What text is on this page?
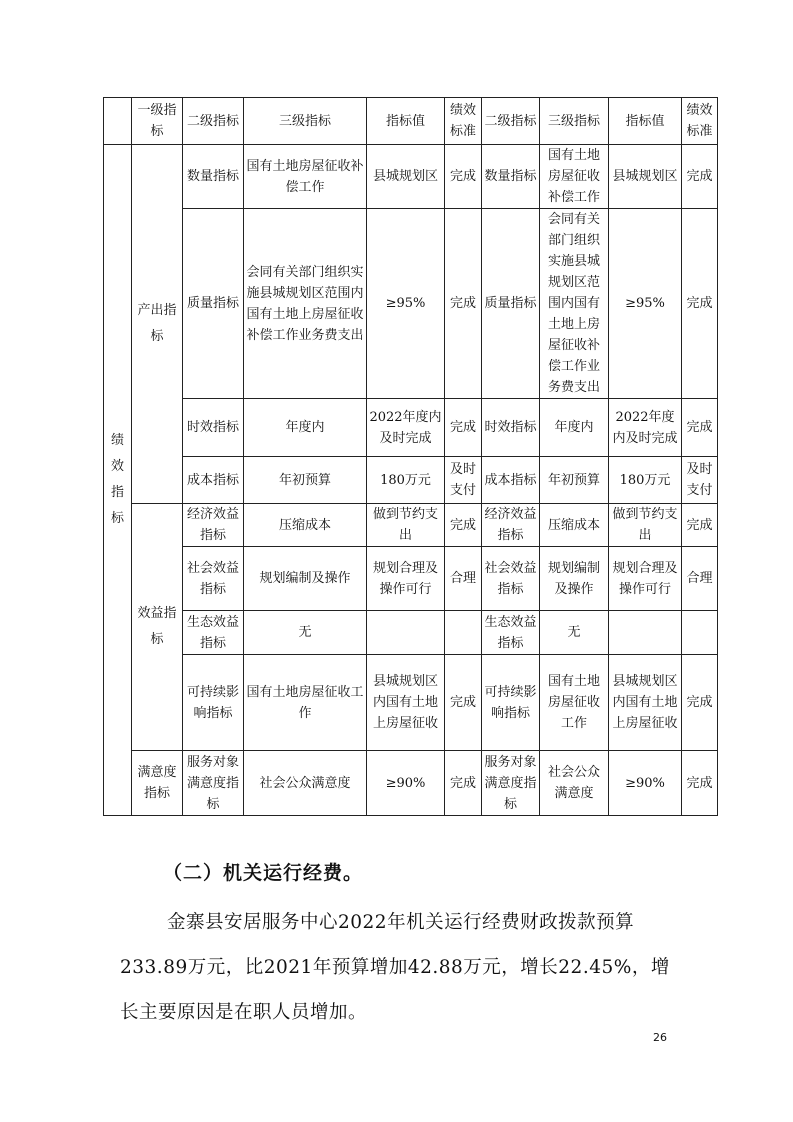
	一级指标	二级指标	三级指标	指标值	绩效标准	二级指标	三级指标	指标值	绩效标准
绩效指标	产出指标	数量指标	国有土地房屋征收补偿工作	县城规划区	完成	数量指标	国有土地房屋征收补偿工作	县城规划区	完成
		质量指标	会同有关部门组织实施县城规划区范围内国有土地上房屋征收补偿工作业务费支出	≥95%	完成	质量指标	会同有关部门组织实施县城规划区范围内国有土地上房屋征收补偿工作业务费支出	≥95%	完成
		时效指标	年度内	2022年度内及时完成	完成	时效指标	年度内	2022年度内及时完成	完成
		成本指标	年初预算	180万元	及时支付	成本指标	年初预算	180万元	及时支付
	效益指标	经济效益指标	压缩成本	做到节约支出	完成	经济效益指标	压缩成本	做到节约支出	完成
		社会效益指标	规划编制及操作	规划合理及操作可行	合理	社会效益指标	规划编制及操作	规划合理及操作可行	合理
		生态效益指标	无			生态效益指标	无		
		可持续影响指标	国有土地房屋征收工作	县城规划区内国有土地上房屋征收	完成	可持续影响指标	国有土地房屋征收工作	县城规划区内国有土地上房屋征收	完成
	满意度指标	服务对象满意度指标	社会公众满意度	≥90%	完成	服务对象满意度指标	社会公众满意度	≥90%	完成
（二）机关运行经费。
金寨县安居服务中心2022年机关运行经费财政拨款预算233.89万元，比2021年预算增加42.88万元，增长22.45%，增长主要原因是在职人员增加。
26
